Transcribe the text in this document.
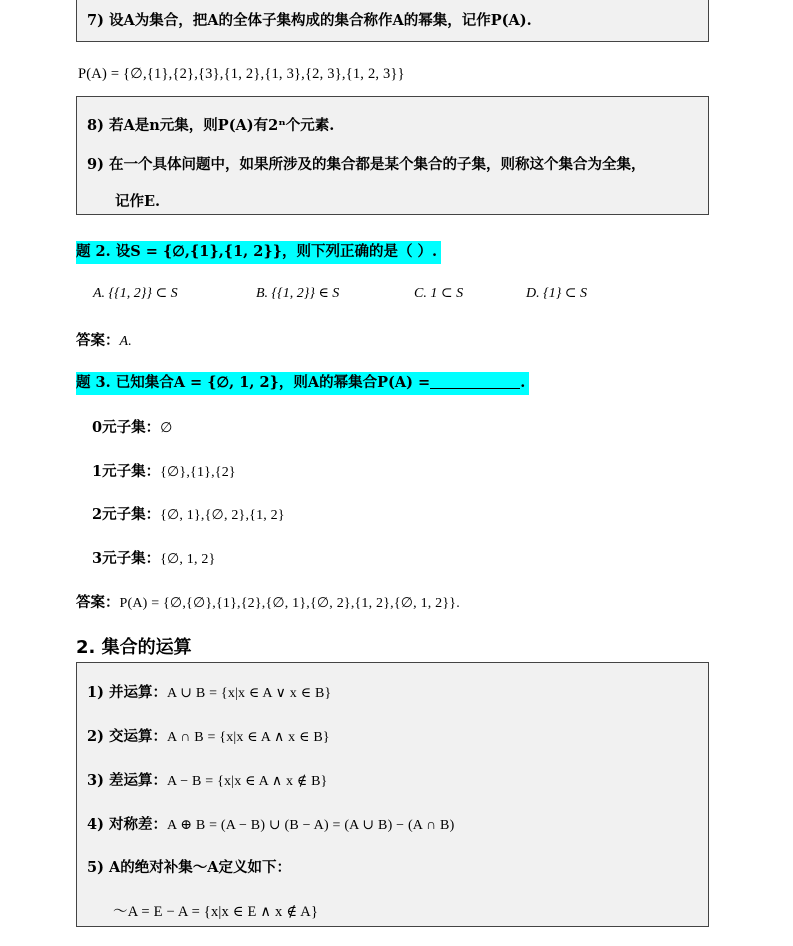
7) 设A为集合，把A的全体子集构成的集合称作A的幂集，记作P(A).
P(A) = {∅,{1},{2},{3},{1, 2},{1, 3},{2, 3},{1, 2, 3}}
8) 若A是n元集，则P(A)有2ⁿ个元素.
9) 在一个具体问题中，如果所涉及的集合都是某个集合的子集，则称这个集合为全集，
记作E.
题 2. 设S = {∅,{1},{1, 2}}，则下列正确的是（ ）.
A. {{1, 2}} ⊂ S	B. {{1, 2}} ∈ S	C. 1 ⊂ S	D. {1} ⊂ S
答案：A.
题 3. 已知集合A = {∅, 1, 2}，则A的幂集合P(A) =	.
0元子集：∅
1元子集：{∅},{1},{2}
2元子集：{∅, 1},{∅, 2},{1, 2}
3元子集：{∅, 1, 2}
答案：P(A) = {∅,{∅},{1},{2},{∅, 1},{∅, 2},{1, 2},{∅, 1, 2}}.
2. 集合的运算
1) 并运算：A ∪ B = {x|x ∈ A ∨ x ∈ B}
2) 交运算：A ∩ B = {x|x ∈ A ∧ x ∈ B}
3) 差运算：A − B = {x|x ∈ A ∧ x ∉ B}
4) 对称差：A ⊕ B = (A − B) ∪ (B − A) = (A ∪ B) − (A ∩ B)
5) A的绝对补集～A定义如下：
～A = E − A = {x|x ∈ E ∧ x ∉ A}
